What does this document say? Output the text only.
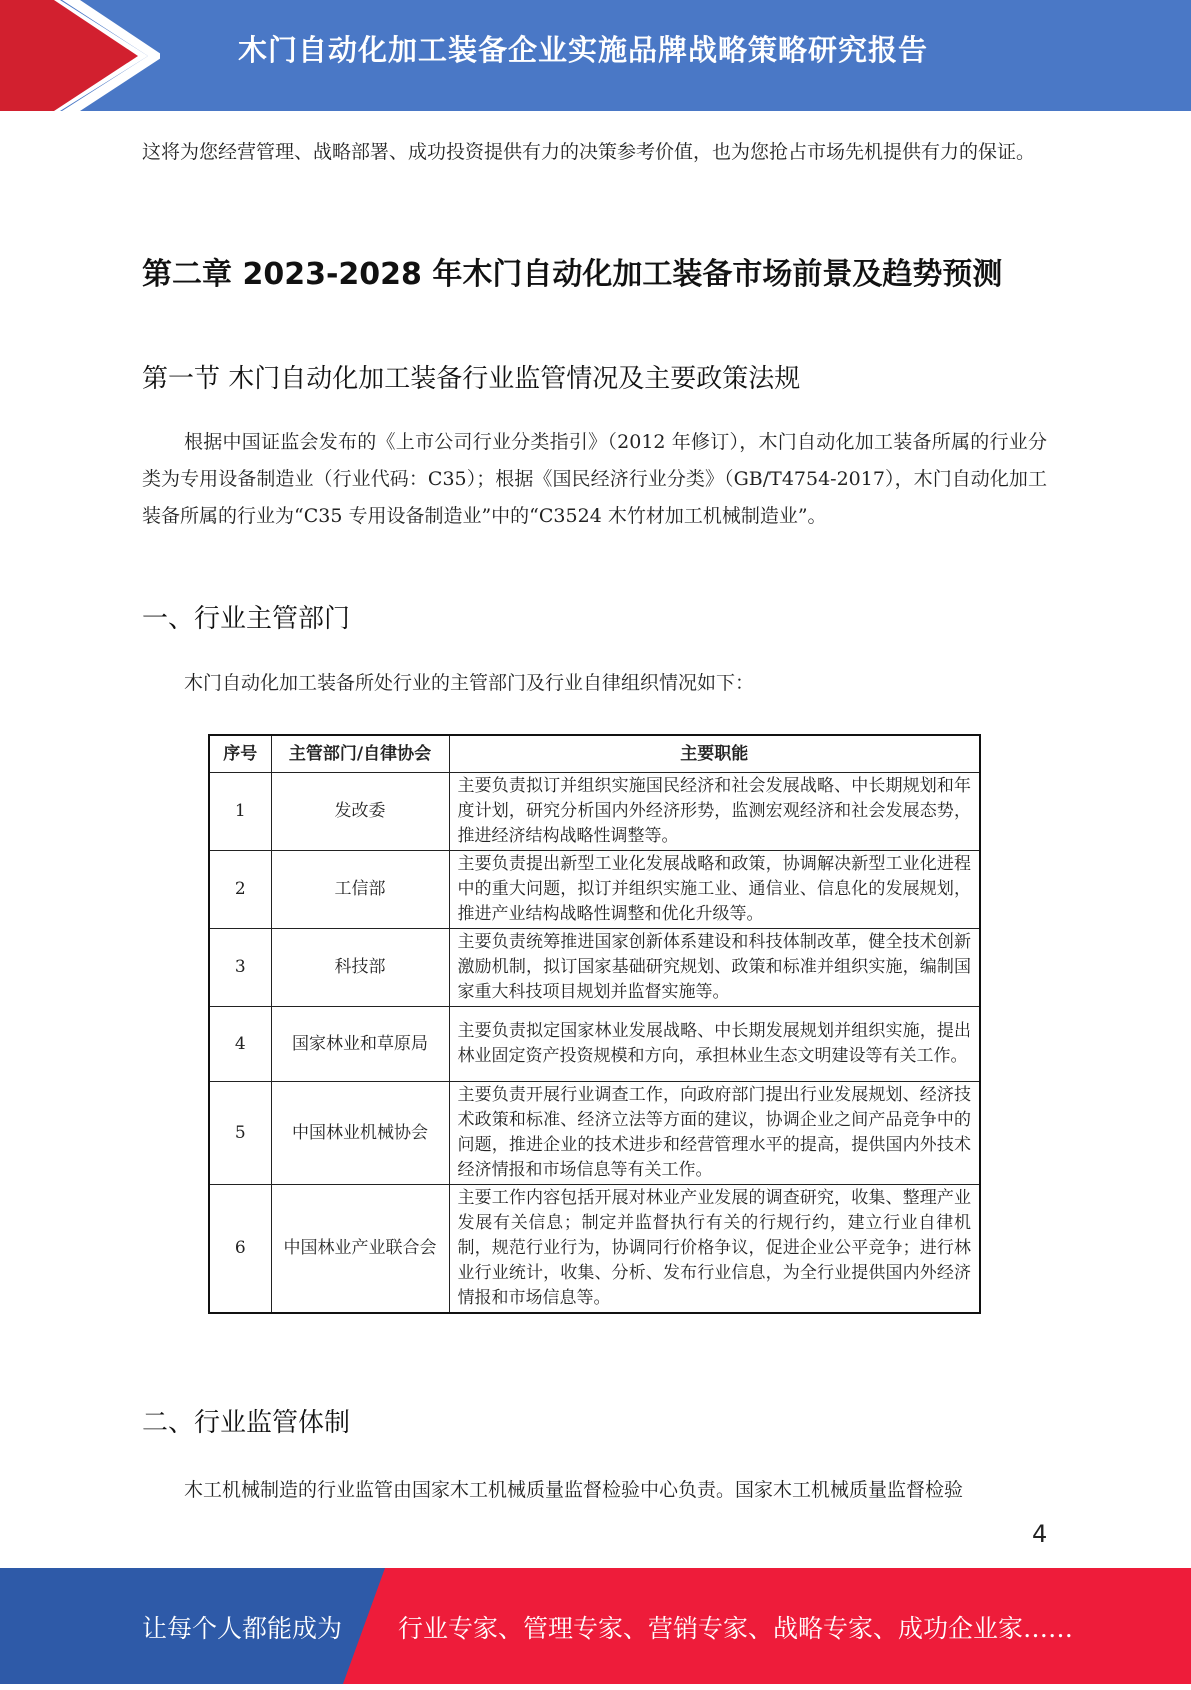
木门自动化加工装备企业实施品牌战略策略研究报告

这将为您经营管理、战略部署、成功投资提供有力的决策参考价值，也为您抢占市场先机提供有力的保证。

第二章 2023-2028 年木门自动化加工装备市场前景及趋势预测
第一节 木门自动化加工装备行业监管情况及主要政策法规

根据中国证监会发布的《上市公司行业分类指引》（2012 年修订），木门自动化加工装备所属的行业分类为专用设备制造业（行业代码：C35）；根据《国民经济行业分类》（GB/T4754-2017），木门自动化加工装备所属的行业为“C35 专用设备制造业”中的“C3524 木竹材加工机械制造业”。

一、行业主管部门

木门自动化加工装备所处行业的主管部门及行业自律组织情况如下：

序号	主管部门/自律协会	主要职能
1	发改委	主要负责拟订并组织实施国民经济和社会发展战略、中长期规划和年度计划，研究分析国内外经济形势，监测宏观经济和社会发展态势，推进经济结构战略性调整等。
2	工信部	主要负责提出新型工业化发展战略和政策，协调解决新型工业化进程中的重大问题，拟订并组织实施工业、通信业、信息化的发展规划，推进产业结构战略性调整和优化升级等。
3	科技部	主要负责统筹推进国家创新体系建设和科技体制改革，健全技术创新激励机制，拟订国家基础研究规划、政策和标准并组织实施，编制国家重大科技项目规划并监督实施等。
4	国家林业和草原局	主要负责拟定国家林业发展战略、中长期发展规划并组织实施，提出林业固定资产投资规模和方向，承担林业生态文明建设等有关工作。
5	中国林业机械协会	主要负责开展行业调查工作，向政府部门提出行业发展规划、经济技术政策和标准、经济立法等方面的建议，协调企业之间产品竞争中的问题，推进企业的技术进步和经营管理水平的提高，提供国内外技术经济情报和市场信息等有关工作。
6	中国林业产业联合会	主要工作内容包括开展对林业产业发展的调查研究，收集、整理产业发展有关信息；制定并监督执行有关的行规行约，建立行业自律机制，规范行业行为，协调同行价格争议，促进企业公平竞争；进行林业行业统计，收集、分析、发布行业信息，为全行业提供国内外经济情报和市场信息等。
二、行业监管体制

木工机械制造的行业监管由国家木工机械质量监督检验中心负责。国家木工机械质量监督检验

4
让每个人都能成为 行业专家、管理专家、营销专家、战略专家、成功企业家……
